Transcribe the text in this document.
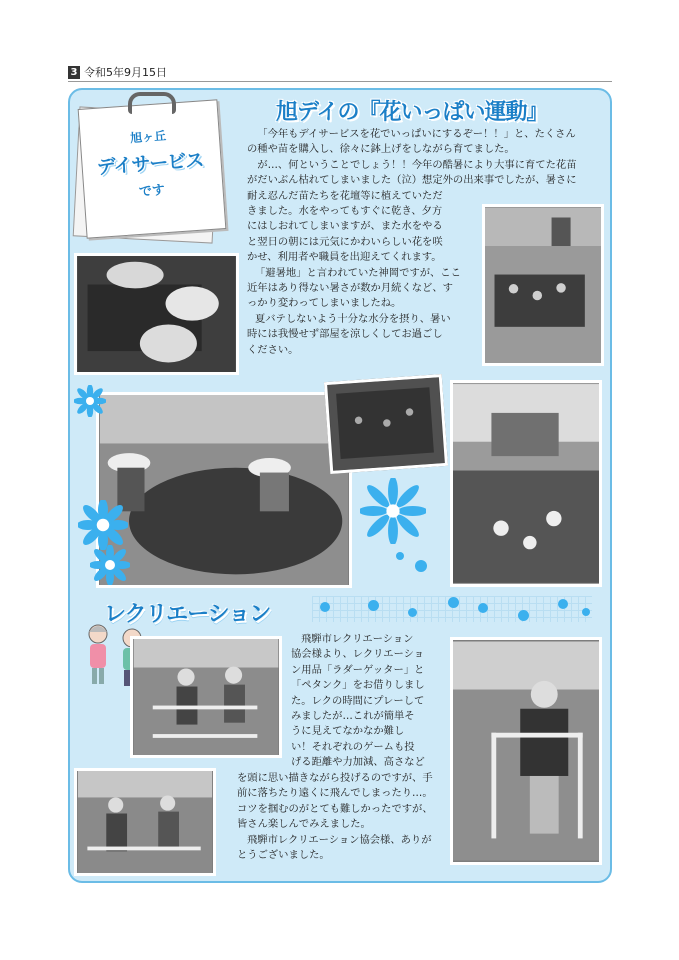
3 令和5年9月15日
旭ヶ丘
デイサービス
です
旭デイの『花いっぱい運動』
「今年もデイサービスを花でいっぱいにするぞー！！」と、たくさん
の種や苗を購入し、徐々に鉢上げをしながら育てました。
が…、何ということでしょう！！今年の酷暑により大事に育てた花苗
がだいぶん枯れてしまいました（泣）想定外の出来事でしたが、暑さに
耐え忍んだ苗たちを花壇等に植えていただ
きました。水をやってもすぐに乾き、夕方
にはしおれてしまいますが、また水をやる
と翌日の朝には元気にかわいらしい花を咲
かせ、利用者や職員を出迎えてくれます。
「避暑地」と言われていた神岡ですが、ここ
近年はあり得ない暑さが数か月続くなど、す
っかり変わってしまいましたね。
夏バテしないよう十分な水分を摂り、暑い
時には我慢せず部屋を涼しくしてお過ごし
ください。
レクリエーション
飛騨市レクリエーション
協会様より、レクリエーショ
ン用品「ラダーゲッター」と
「ペタンク」をお借りしまし
た。レクの時間にプレーして
みましたが…これが簡単そ
うに見えてなかなか難し
い！それぞれのゲームも投
げる距離や力加減、高さなど
を頭に思い描きながら投げるのですが、手
前に落ちたり遠くに飛んでしまったり…。
コツを掴むのがとても難しかったですが、
皆さん楽しんでみえました。
飛騨市レクリエーション協会様、ありが
とうございました。
